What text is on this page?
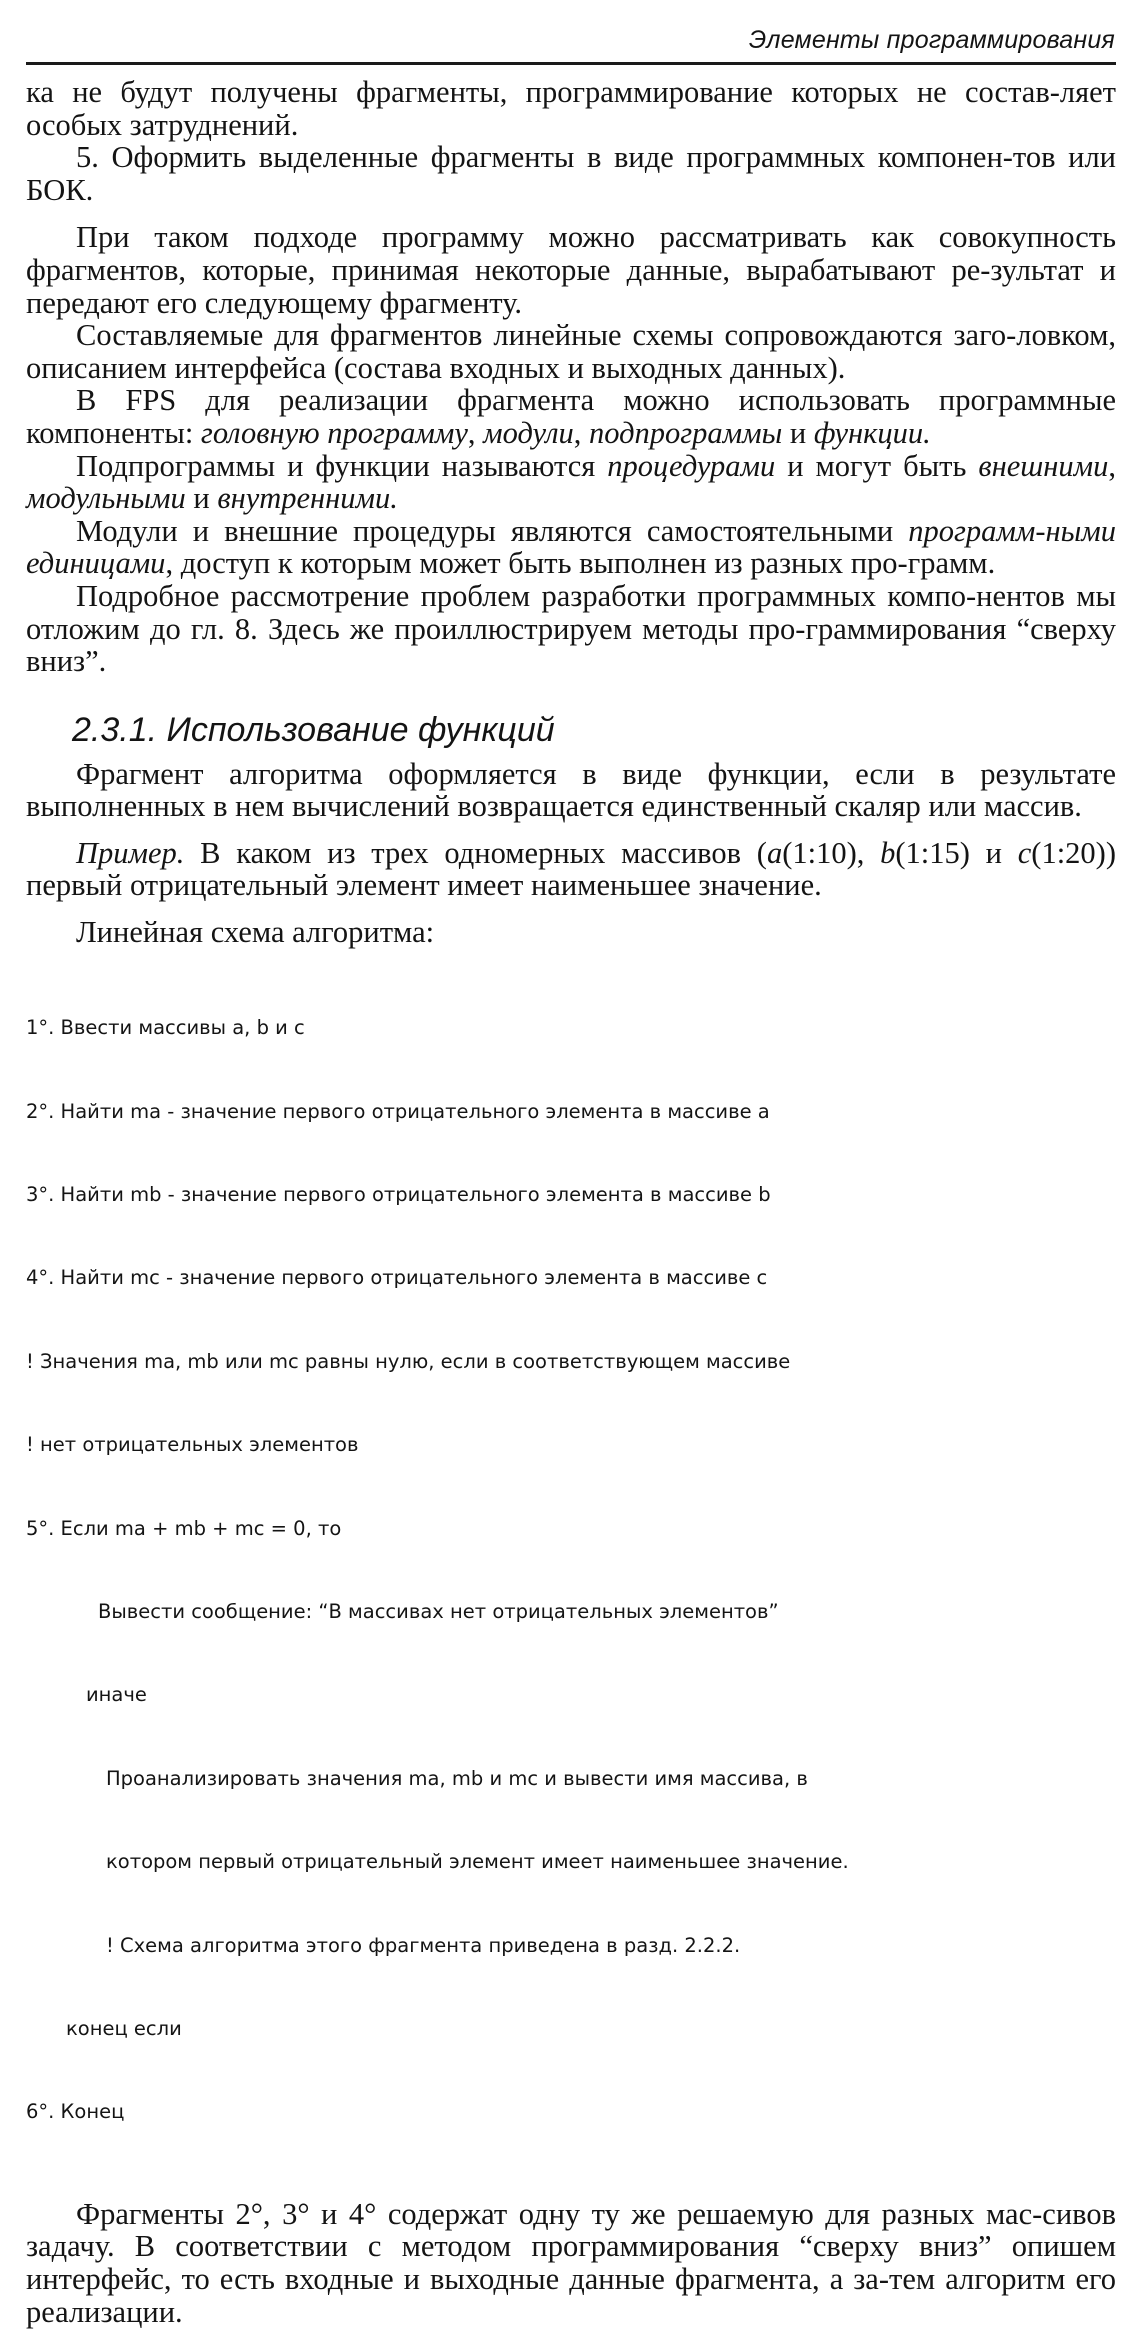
Элементы программирования

ка не будут получены фрагменты, программирование которых не состав-ляет особых затруднений.

5. Оформить выделенные фрагменты в виде программных компонен-тов или БОК.

При таком подходе программу можно рассматривать как совокупность фрагментов, которые, принимая некоторые данные, вырабатывают ре-зультат и передают его следующему фрагменту.

Составляемые для фрагментов линейные схемы сопровождаются заго-ловком, описанием интерфейса (состава входных и выходных данных).

В FPS для реализации фрагмента можно использовать программные компоненты: головную программу, модули, подпрограммы и функции.

Подпрограммы и функции называются процедурами и могут быть внешними, модульными и внутренними.

Модули и внешние процедуры являются самостоятельными программ-ными единицами, доступ к которым может быть выполнен из разных про-грамм.

Подробное рассмотрение проблем разработки программных компо-нентов мы отложим до гл. 8. Здесь же проиллюстрируем методы про-граммирования “сверху вниз”.

2.3.1. Использование функций

Фрагмент алгоритма оформляется в виде функции, если в результате выполненных в нем вычислений возвращается единственный скаляр или массив.

Пример. В каком из трех одномерных массивов (a(1:10), b(1:15) и c(1:20)) первый отрицательный элемент имеет наименьшее значение.

Линейная схема алгоритма:

1°. Ввести массивы a, b и c

2°. Найти ma - значение первого отрицательного элемента в массиве a

3°. Найти mb - значение первого отрицательного элемента в массиве b

4°. Найти mc - значение первого отрицательного элемента в массиве c

! Значения ma, mb или mc равны нулю, если в соответствующем массиве

! нет отрицательных элементов

5°. Если ma + mb + mc = 0, то

Вывести сообщение: “В массивах нет отрицательных элементов”

иначе

Проанализировать значения ma, mb и mc и вывести имя массива, в

котором первый отрицательный элемент имеет наименьшее значение.

! Схема алгоритма этого фрагмента приведена в разд. 2.2.2.

конец если

6°. Конец

Фрагменты 2°, 3° и 4° содержат одну ту же решаемую для разных мас-сивов задачу. В соответствии с методом программирования “сверху вниз” опишем интерфейс, то есть входные и выходные данные фрагмента, а за-тем алгоритм его реализации.
